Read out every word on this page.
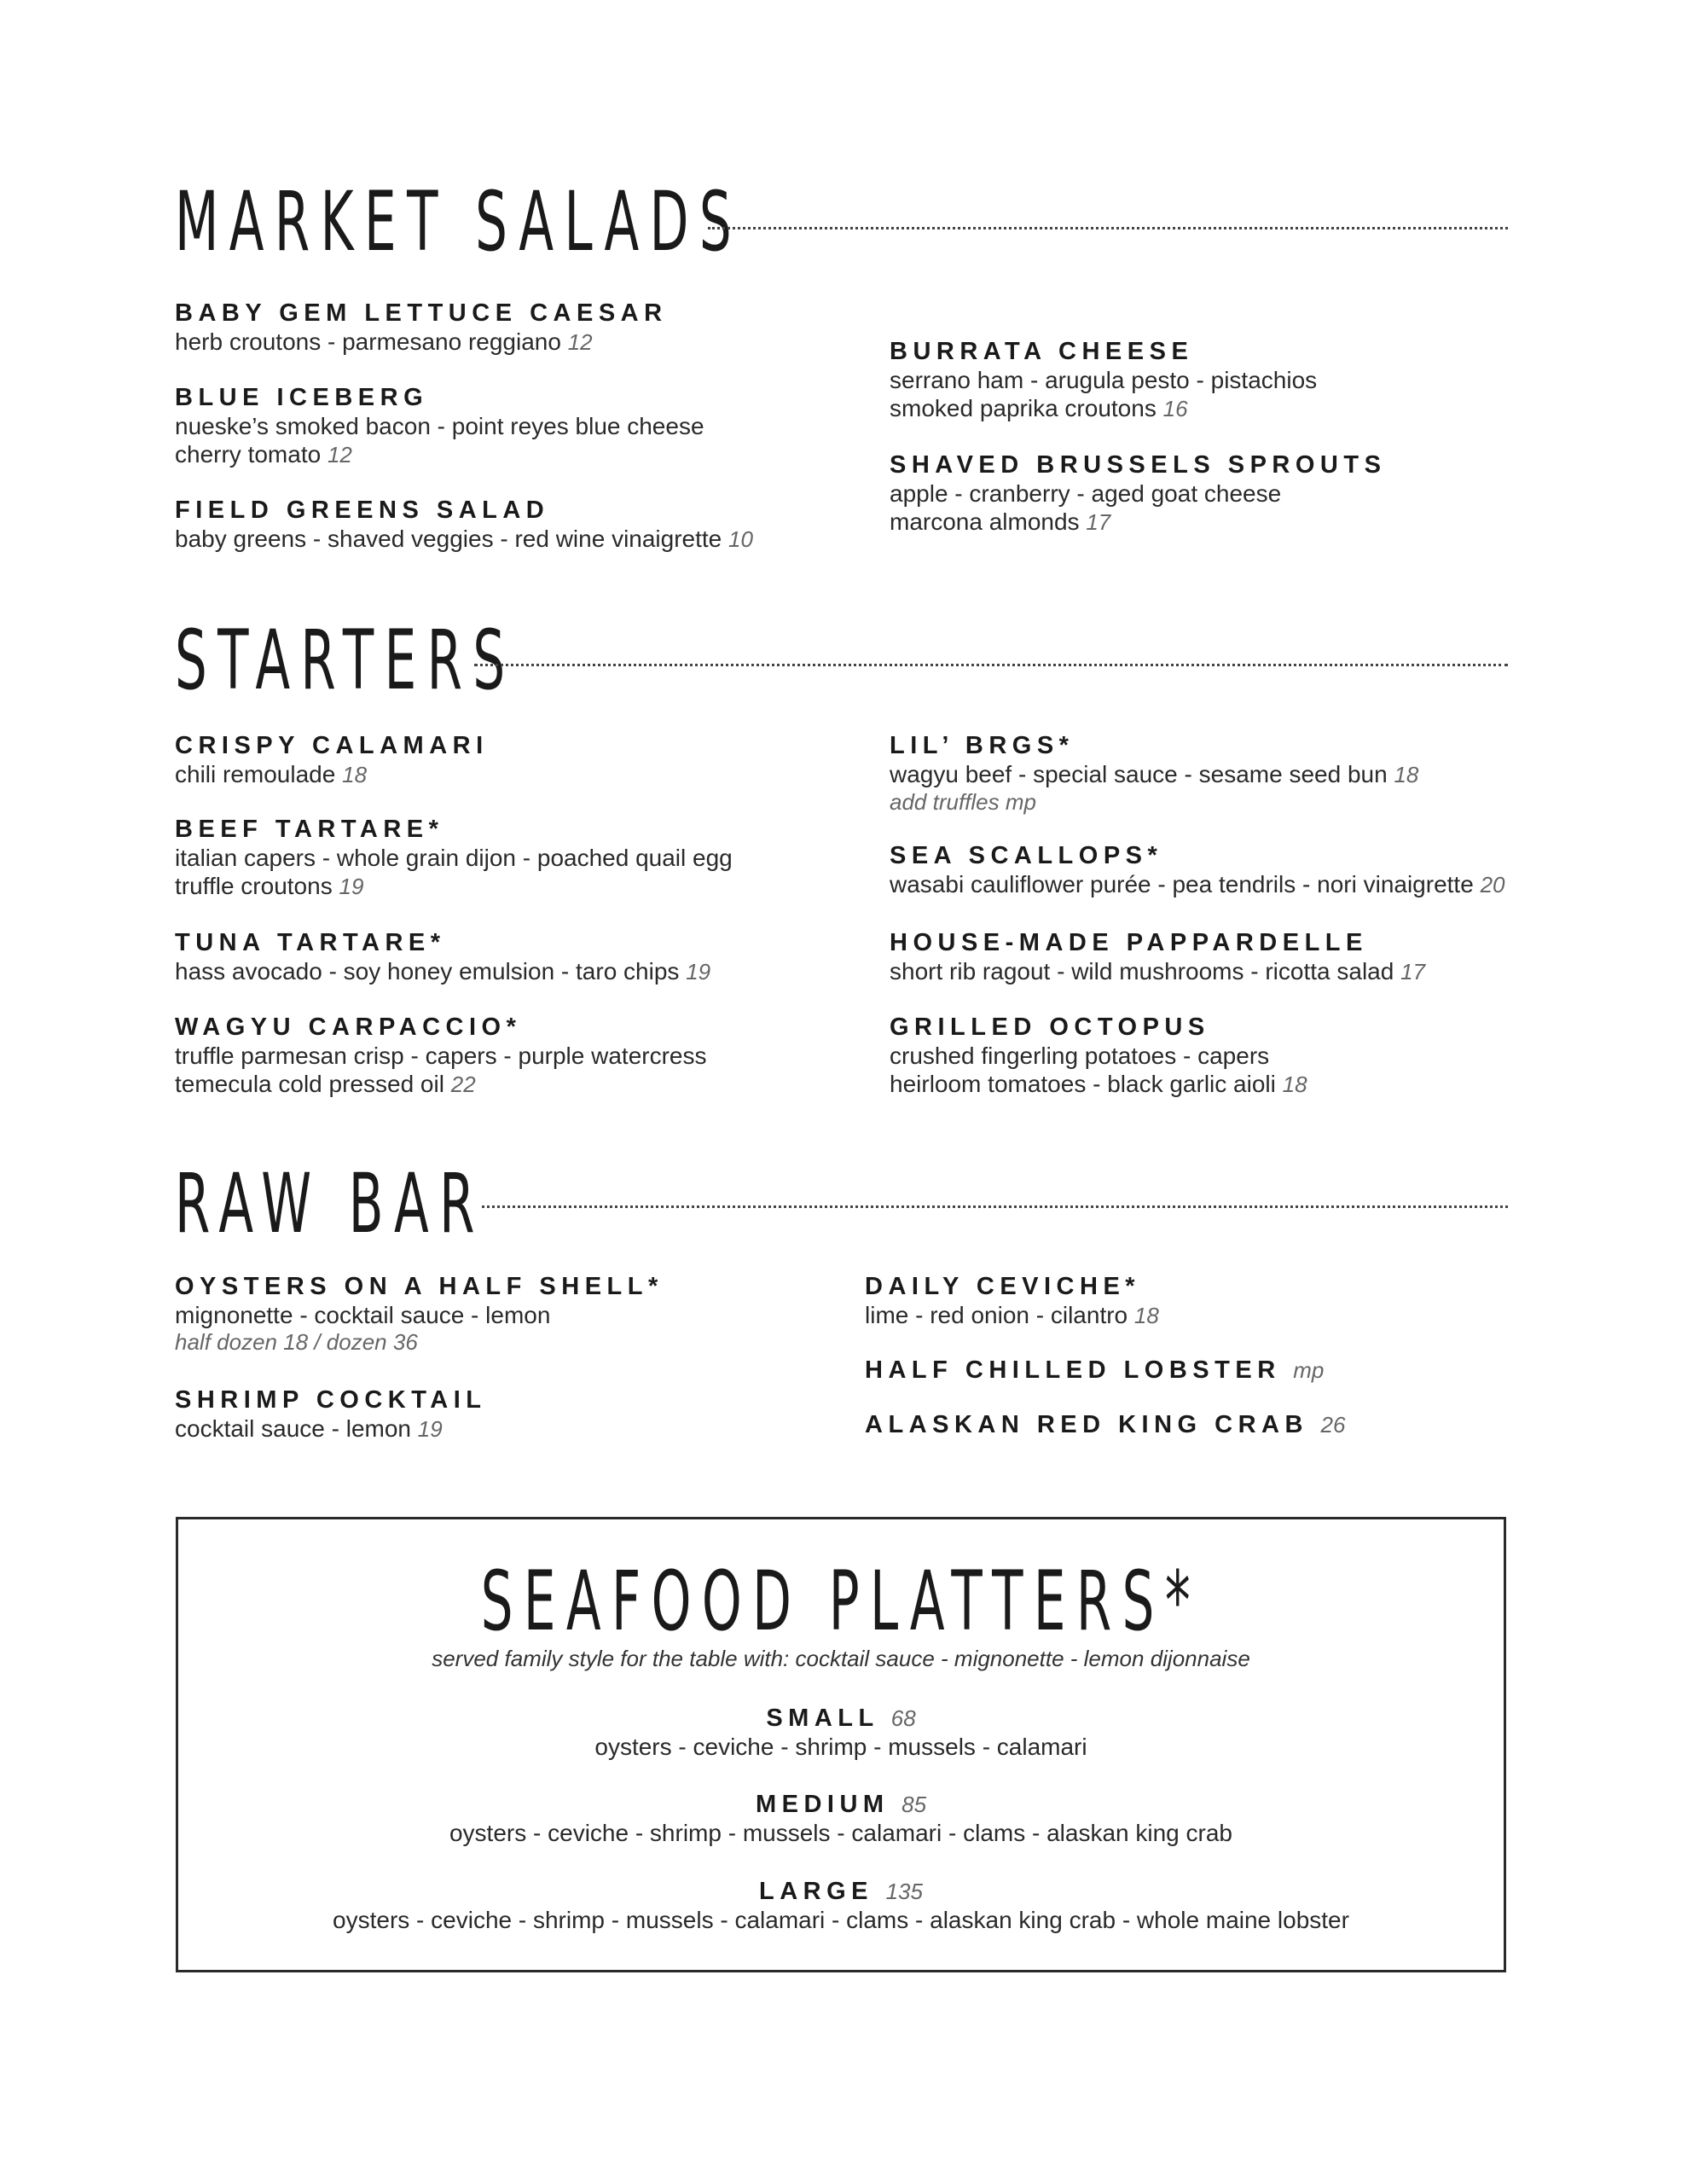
MARKET SALADS
BABY GEM LETTUCE CAESAR
herb croutons - parmesano reggiano 12
BLUE ICEBERG
nueske’s smoked bacon - point reyes blue cheese
cherry tomato 12
FIELD GREENS SALAD
baby greens - shaved veggies - red wine vinaigrette 10
BURRATA CHEESE
serrano ham - arugula pesto - pistachios
smoked paprika croutons 16
SHAVED BRUSSELS SPROUTS
apple - cranberry - aged goat cheese
marcona almonds 17
STARTERS
CRISPY CALAMARI
chili remoulade 18
BEEF TARTARE*
italian capers - whole grain dijon - poached quail egg
truffle croutons 19
TUNA TARTARE*
hass avocado - soy honey emulsion - taro chips 19
WAGYU CARPACCIO*
truffle parmesan crisp - capers - purple watercress
temecula cold pressed oil 22
LIL’ BRGS*
wagyu beef - special sauce - sesame seed bun 18
add truffles mp
SEA SCALLOPS*
wasabi cauliflower purée - pea tendrils - nori vinaigrette 20
HOUSE-MADE PAPPARDELLE
short rib ragout - wild mushrooms - ricotta salad 17
GRILLED OCTOPUS
crushed fingerling potatoes - capers
heirloom tomatoes - black garlic aioli 18
RAW BAR
OYSTERS ON A HALF SHELL*
mignonette - cocktail sauce - lemon
half dozen 18 / dozen 36
SHRIMP COCKTAIL
cocktail sauce - lemon 19
DAILY CEVICHE*
lime - red onion - cilantro 18
HALF CHILLED LOBSTER mp
ALASKAN RED KING CRAB 26
SEAFOOD PLATTERS*
served family style for the table with: cocktail sauce - mignonette - lemon dijonnaise
SMALL 68
oysters - ceviche - shrimp - mussels - calamari
MEDIUM 85
oysters - ceviche - shrimp - mussels - calamari - clams - alaskan king crab
LARGE 135
oysters - ceviche - shrimp - mussels - calamari - clams - alaskan king crab - whole maine lobster
